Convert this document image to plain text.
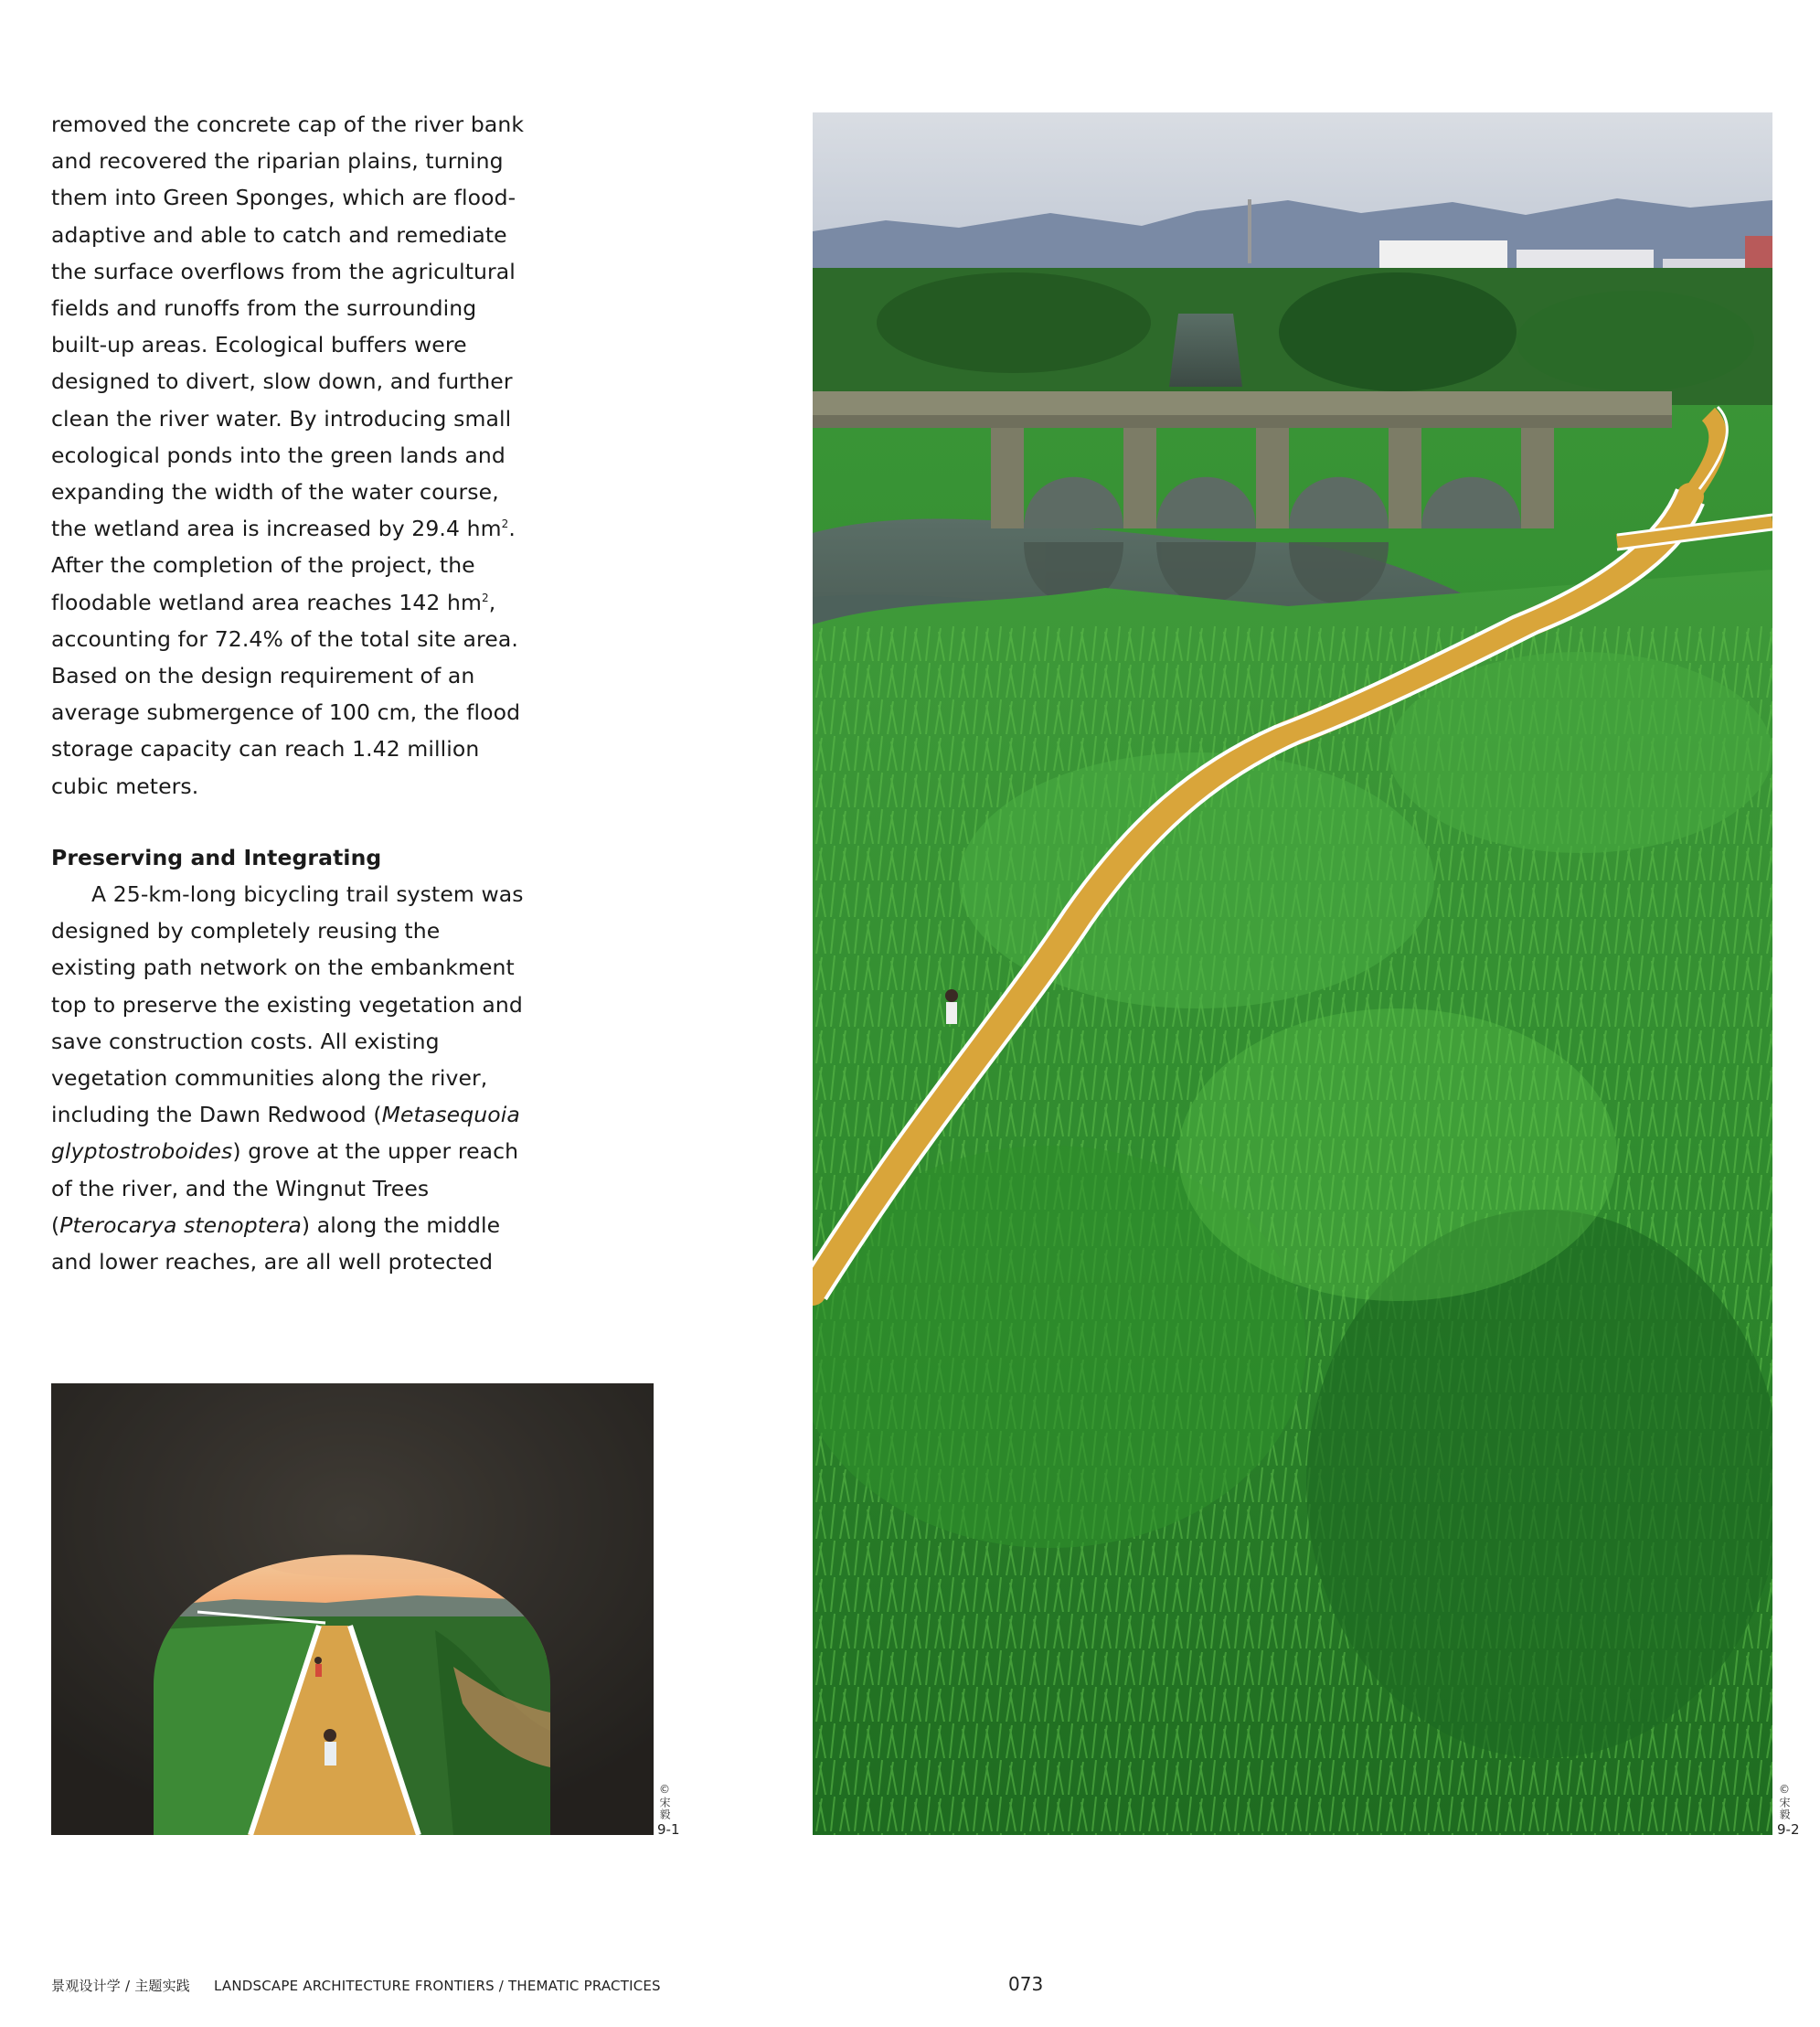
removed the concrete cap of the river bank and recovered the riparian plains, turning them into Green Sponges, which are flood-adaptive and able to catch and remediate the surface overflows from the agricultural fields and runoffs from the surrounding built-up areas. Ecological buffers were designed to divert, slow down, and further clean the river water. By introducing small ecological ponds into the green lands and expanding the width of the water course, the wetland area is increased by 29.4 $hm^2$. After the completion of the project, the floodable wetland area reaches 142 $hm^2$, accounting for 72.4% of the total site area. Based on the design requirement of an average submergence of 100 cm, the flood storage capacity can reach 1.42 million cubic meters.

Preserving and Integrating

A 25-km-long bicycling trail system was designed by completely reusing the existing path network on the embankment top to preserve the existing vegetation and save construction costs. All existing vegetation communities along the river, including the Dawn Redwood (Metasequoia glyptostroboides) grove at the upper reach of the river, and the Wingnut Trees (Pterocarya stenoptera) along the middle and lower reaches, are all well protected

©宋毅
9-1
©宋毅
9-2
景观设计学 / 主题实践 LANDSCAPE ARCHITECTURE FRONTIERS / THEMATIC PRACTICES	073
